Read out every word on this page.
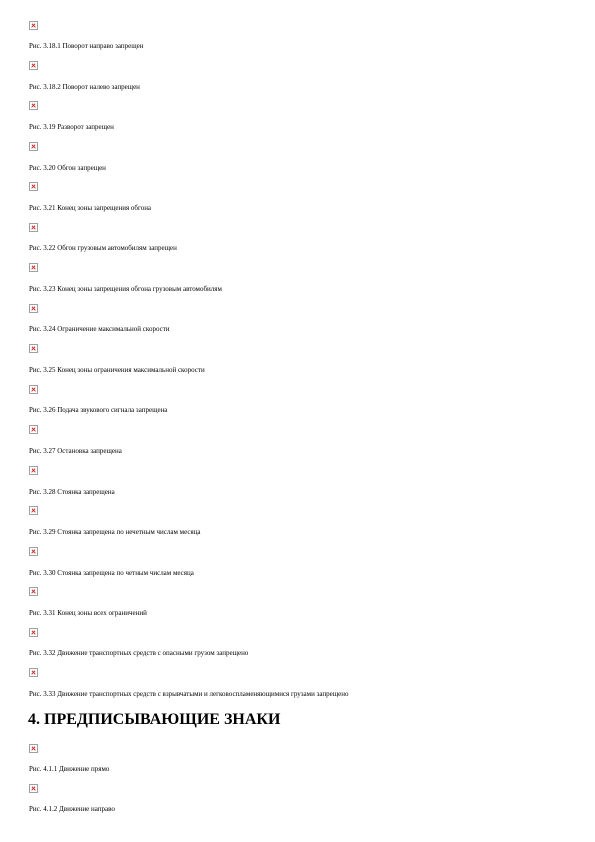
Рис. 3.18.1 Поворот направо запрещен
Рис. 3.18.2 Поворот налево запрещен
Рис. 3.19 Разворот запрещен
Рис. 3.20 Обгон запрещен
Рис. 3.21 Конец зоны запрещения обгона
Рис. 3.22 Обгон грузовым автомобилям запрещен
Рис. 3.23 Конец зоны запрещения обгона грузовым автомобилям
Рис. 3.24 Ограничение максимальной скорости
Рис. 3.25 Конец зоны ограничения максимальной скорости
Рис. 3.26 Подача звукового сигнала запрещена
Рис. 3.27 Остановка запрещена
Рис. 3.28 Стоянка запрещена
Рис. 3.29 Стоянка запрещена по нечетным числам месяца
Рис. 3.30 Стоянка запрещена по четным числам месяца
Рис. 3.31 Конец зоны всех ограничений
Рис. 3.32 Движение транспортных средств с опасными грузом запрещено
Рис. 3.33 Движение транспортных средств с взрывчатыми и легковоспламеняющимися грузами запрещено
4. ПРЕДПИСЫВАЮЩИЕ ЗНАКИ
Рис. 4.1.1 Движение прямо
Рис. 4.1.2 Движение направо
